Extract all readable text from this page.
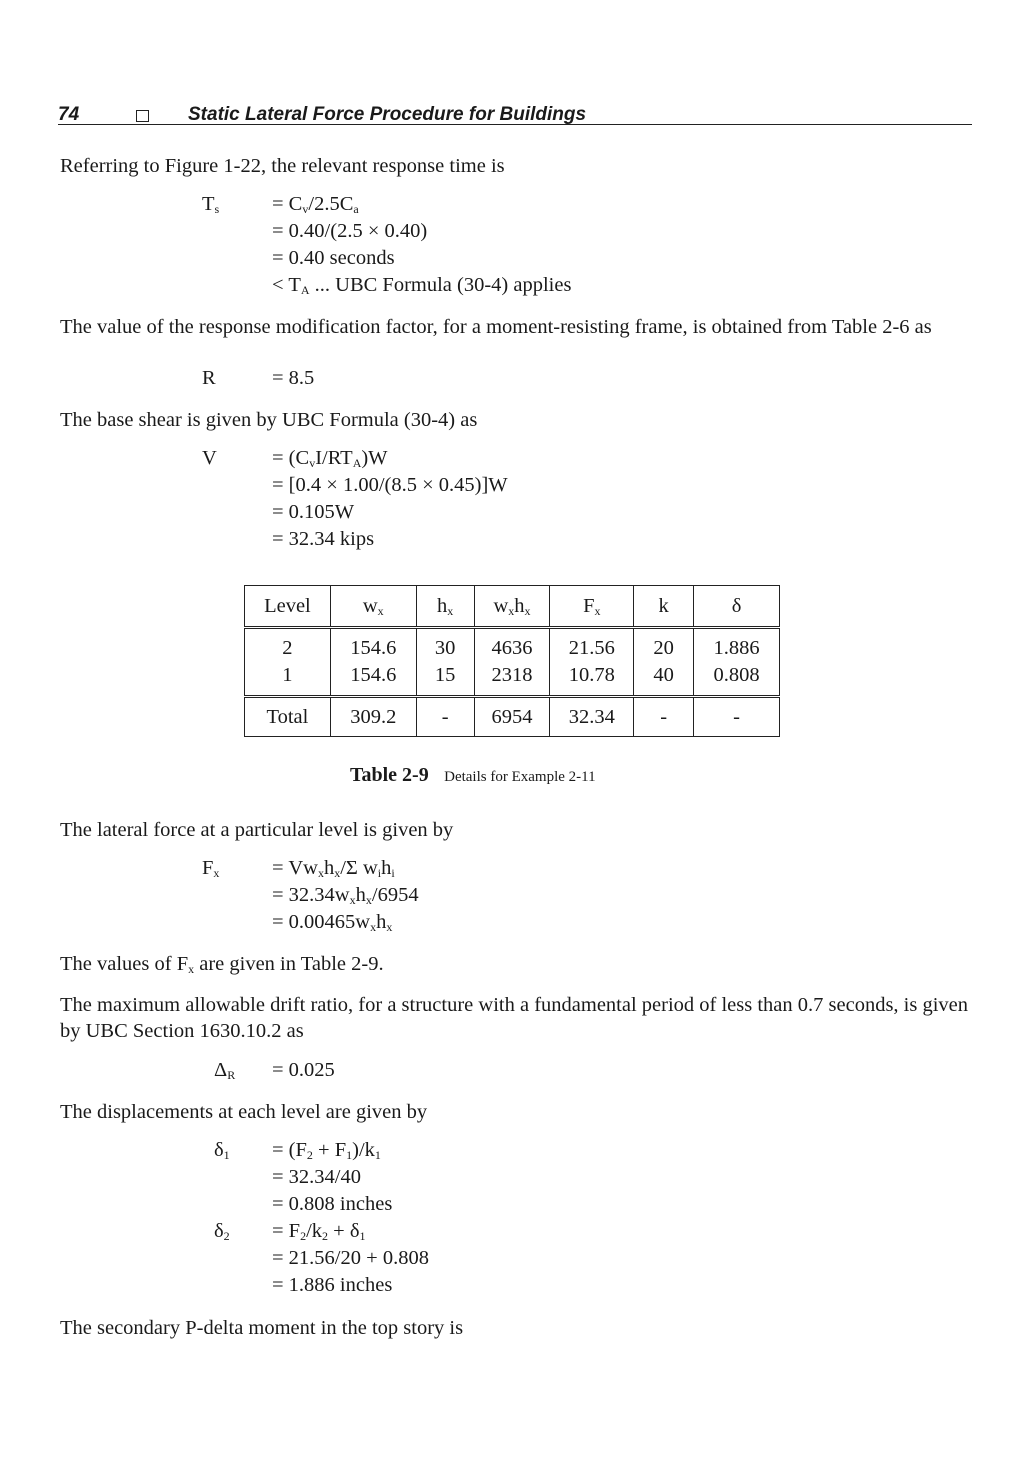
74	Static Lateral Force Procedure for Buildings
Referring to Figure 1-22, the relevant response time is
$T_s$	= $C_v/2.5C_a$
= 0.40/(2.5 × 0.40)
= 0.40 seconds
< $T_A$ ... UBC Formula (30-4) applies
The value of the response modification factor, for a moment-resisting frame, is obtained from Table 2-6 as
R	= 8.5
The base shear is given by UBC Formula (30-4) as
V	= $(C_vI/RT_A)W$
= [0.4 × 1.00/(8.5 × 0.45)]W
= 0.105W
= 32.34 kips
Level	$w_x$	$h_x$	$w_xh_x$	$F_x$	k	δ
2	154.6	30	4636	21.56	20	1.886
1	154.6	15	2318	10.78	40	0.808
Total	309.2	-	6954	32.34	-	-
Table 2-9 Details for Example 2-11
The lateral force at a particular level is given by
$F_x$	= $Vw_xh_x/\Sigma$ $w_ih_i$
= $32.34w_xh_x/6954$
= $0.00465w_xh_x$
The values of $F_x$ are given in Table 2-9.
The maximum allowable drift ratio, for a structure with a fundamental period of less than 0.7 seconds, is given by UBC Section 1630.10.2 as
$\Delta_R = 0.025$
The displacements at each level are given by
$\delta_1 = (F_2 + F_1)/k_1$
= 32.34/40
= 0.808 inches
$\delta_2 = F_2/k_2 + \delta_1$
= 21.56/20 + 0.808
= 1.886 inches
The secondary P-delta moment in the top story is
